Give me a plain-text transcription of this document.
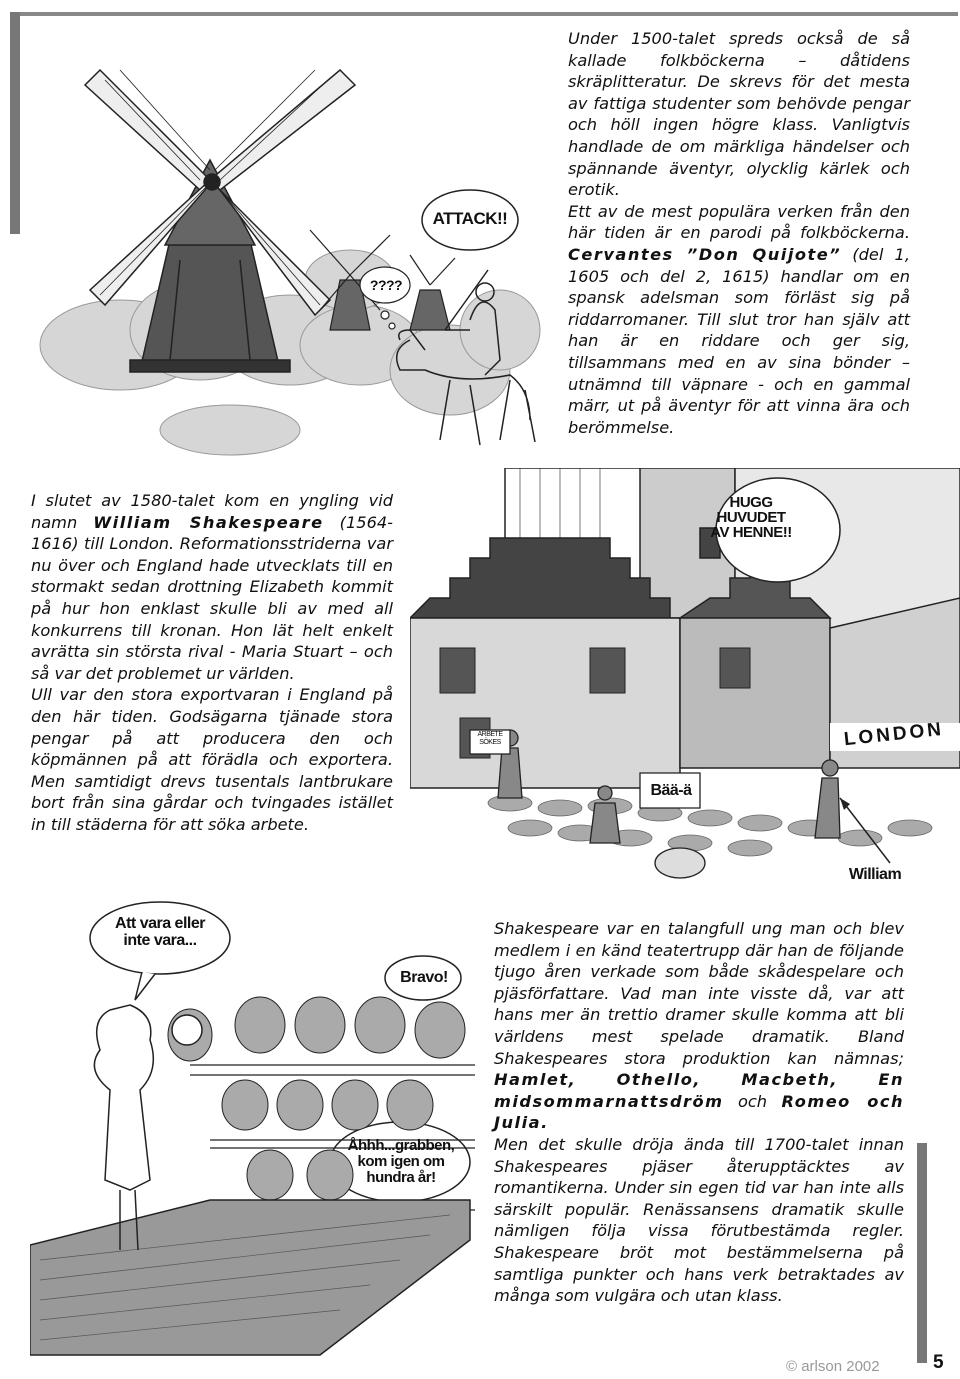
ATTACK!!
????

Under 1500-talet spreds också de så kallade folkböckerna – dåtidens skräplitteratur. De skrevs för det mesta av fattiga studenter som behövde pengar och höll ingen högre klass. Vanligtvis handlade de om märkliga händelser och spännande äventyr, olycklig kärlek och erotik.

Ett av de mest populära verken från den här tiden är en parodi på folkböckerna. Cervantes ”Don Quijote” (del 1, 1605 och del 2, 1615) handlar om en spansk adelsman som förläst sig på riddarromaner. Till slut tror han själv att han är en riddare och ger sig, tillsammans med en av sina bönder – utnämnd till väpnare - och en gammal märr, ut på äventyr för att vinna ära och berömmelse.

I slutet av 1580-talet kom en yngling vid namn William Shakespeare (1564-1616) till London. Reformationsstriderna var nu över och England hade utvecklats till en stormakt sedan drottning Elizabeth kommit på hur hon enklast skulle bli av med all konkurrens till kronan. Hon lät helt enkelt avrätta sin största rival - Maria Stuart – och så var det problemet ur världen.

Ull var den stora exportvaran i England på den här tiden. Godsägarna tjänade stora pengar på att producera den och köpmännen på att förädla och exportera. Men samtidigt drevs tusentals lantbrukare bort från sina gårdar och tvingades istället in till städerna för att söka arbete.

HUGG HUVUDET AV HENNE!!
Bää-ä
William
ARBETE SÖKES	LONDON
Att vara eller inte vara...
Bravo!
Åhhh...grabben, kom igen om hundra år!

Shakespeare var en talangfull ung man och blev medlem i en känd teatertrupp där han de följande tjugo åren verkade som både skådespelare och pjäsförfattare. Vad man inte visste då, var att hans mer än trettio dramer skulle komma att bli världens mest spelade dramatik. Bland Shakespeares stora produktion kan nämnas; Hamlet, Othello, Macbeth, En midsommarnattsdröm och Romeo och Julia.

Men det skulle dröja ända till 1700-talet innan Shakespeares pjäser återupptäcktes av romantikerna. Under sin egen tid var han inte alls särskilt populär. Renässansens dramatik skulle nämligen följa vissa förutbestämda regler. Shakespeare bröt mot bestämmelserna på samtliga punkter och hans verk betraktades av många som vulgära och utan klass.

© arlson 2002	5
